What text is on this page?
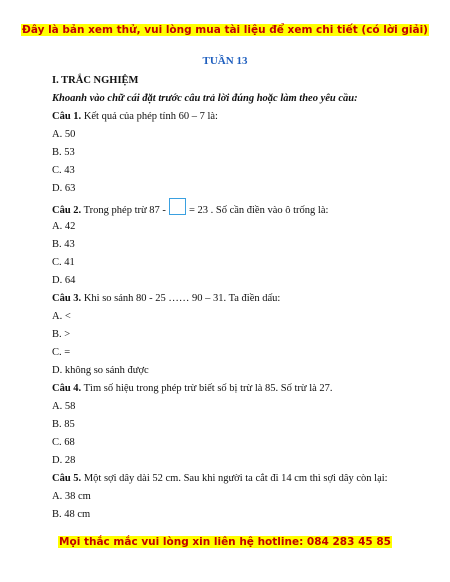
Đây là bản xem thử, vui lòng mua tài liệu để xem chi tiết (có lời giải)
TUẦN 13
I. TRẮC NGHIỆM
Khoanh vào chữ cái đặt trước câu trả lời đúng hoặc làm theo yêu cầu:
Câu 1. Kết quả của phép tính 60 – 7 là:
A. 50
B. 53
C. 43
D. 63
Câu 2. Trong phép trừ 87 - = 23 . Số cần điền vào ô trống là:
A. 42
B. 43
C. 41
D. 64
Câu 3. Khi so sánh 80 - 25 …… 90 – 31. Ta điền dấu:
A. <
B. >
C. =
D. không so sánh được
Câu 4. Tìm số hiệu trong phép trừ biết số bị trừ là 85. Số trừ là 27.
A. 58
B. 85
C. 68
D. 28
Câu 5. Một sợi dây dài 52 cm. Sau khi người ta cắt đi 14 cm thì sợi dây còn lại:
A. 38 cm
B. 48 cm
Mọi thắc mắc vui lòng xin liên hệ hotline: 084 283 45 85
